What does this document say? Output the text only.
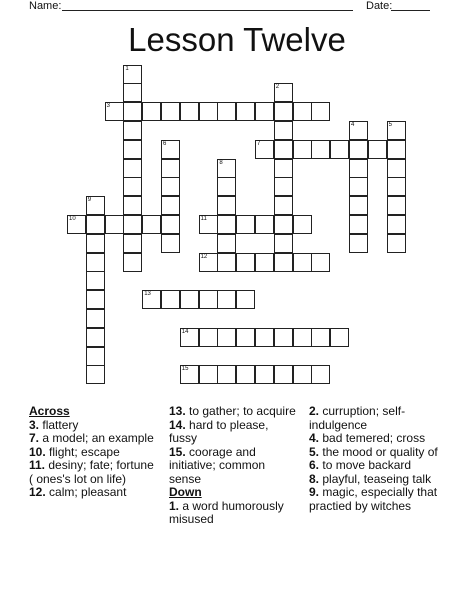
Name:	Date:
Lesson Twelve
1
2
3
4	5
6	7
8
9
10	11
12
13
14
15
Across
3. flattery
7. a model; an example
10. flight; escape
11. desiny; fate; fortune ( ones's lot on life)
12. calm; pleasant
13. to gather; to acquire
14. hard to please, fussy
15. coorage and initiative; common sense
Down
1. a word humorously misused
2. curruption; self-indulgence
4. bad temered; cross
5. the mood or quality of
6. to move backard
8. playful, teaseing talk
9. magic, especially that practied by witches
